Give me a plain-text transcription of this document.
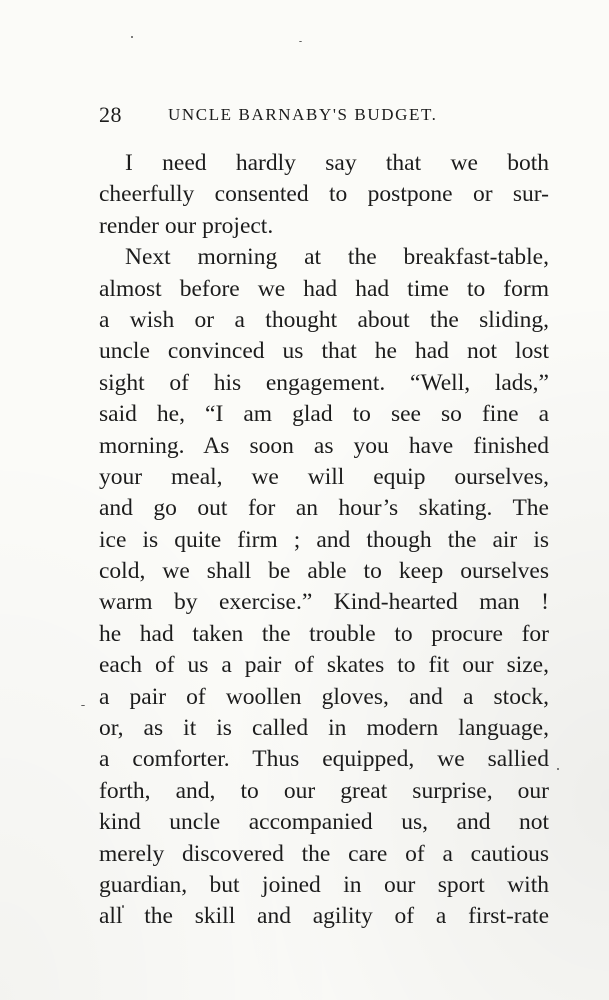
28	UNCLE BARNABY'S BUDGET.
I need hardly say that we both
cheerfully consented to postpone or sur-
render our project.
Next morning at the breakfast-table,
almost before we had had time to form
a wish or a thought about the sliding,
uncle convinced us that he had not lost
sight of his engagement. “Well, lads,”
said he, “I am glad to see so fine a
morning. As soon as you have finished
your meal, we will equip ourselves,
and go out for an hour’s skating. The
ice is quite firm ; and though the air is
cold, we shall be able to keep ourselves
warm by exercise.” Kind-hearted man !
he had taken the trouble to procure for
each of us a pair of skates to fit our size,
a pair of woollen gloves, and a stock,
or, as it is called in modern language,
a comforter. Thus equipped, we sallied
forth, and, to our great surprise, our
kind uncle accompanied us, and not
merely discovered the care of a cautious
guardian, but joined in our sport with
all the skill and agility of a first-rate
